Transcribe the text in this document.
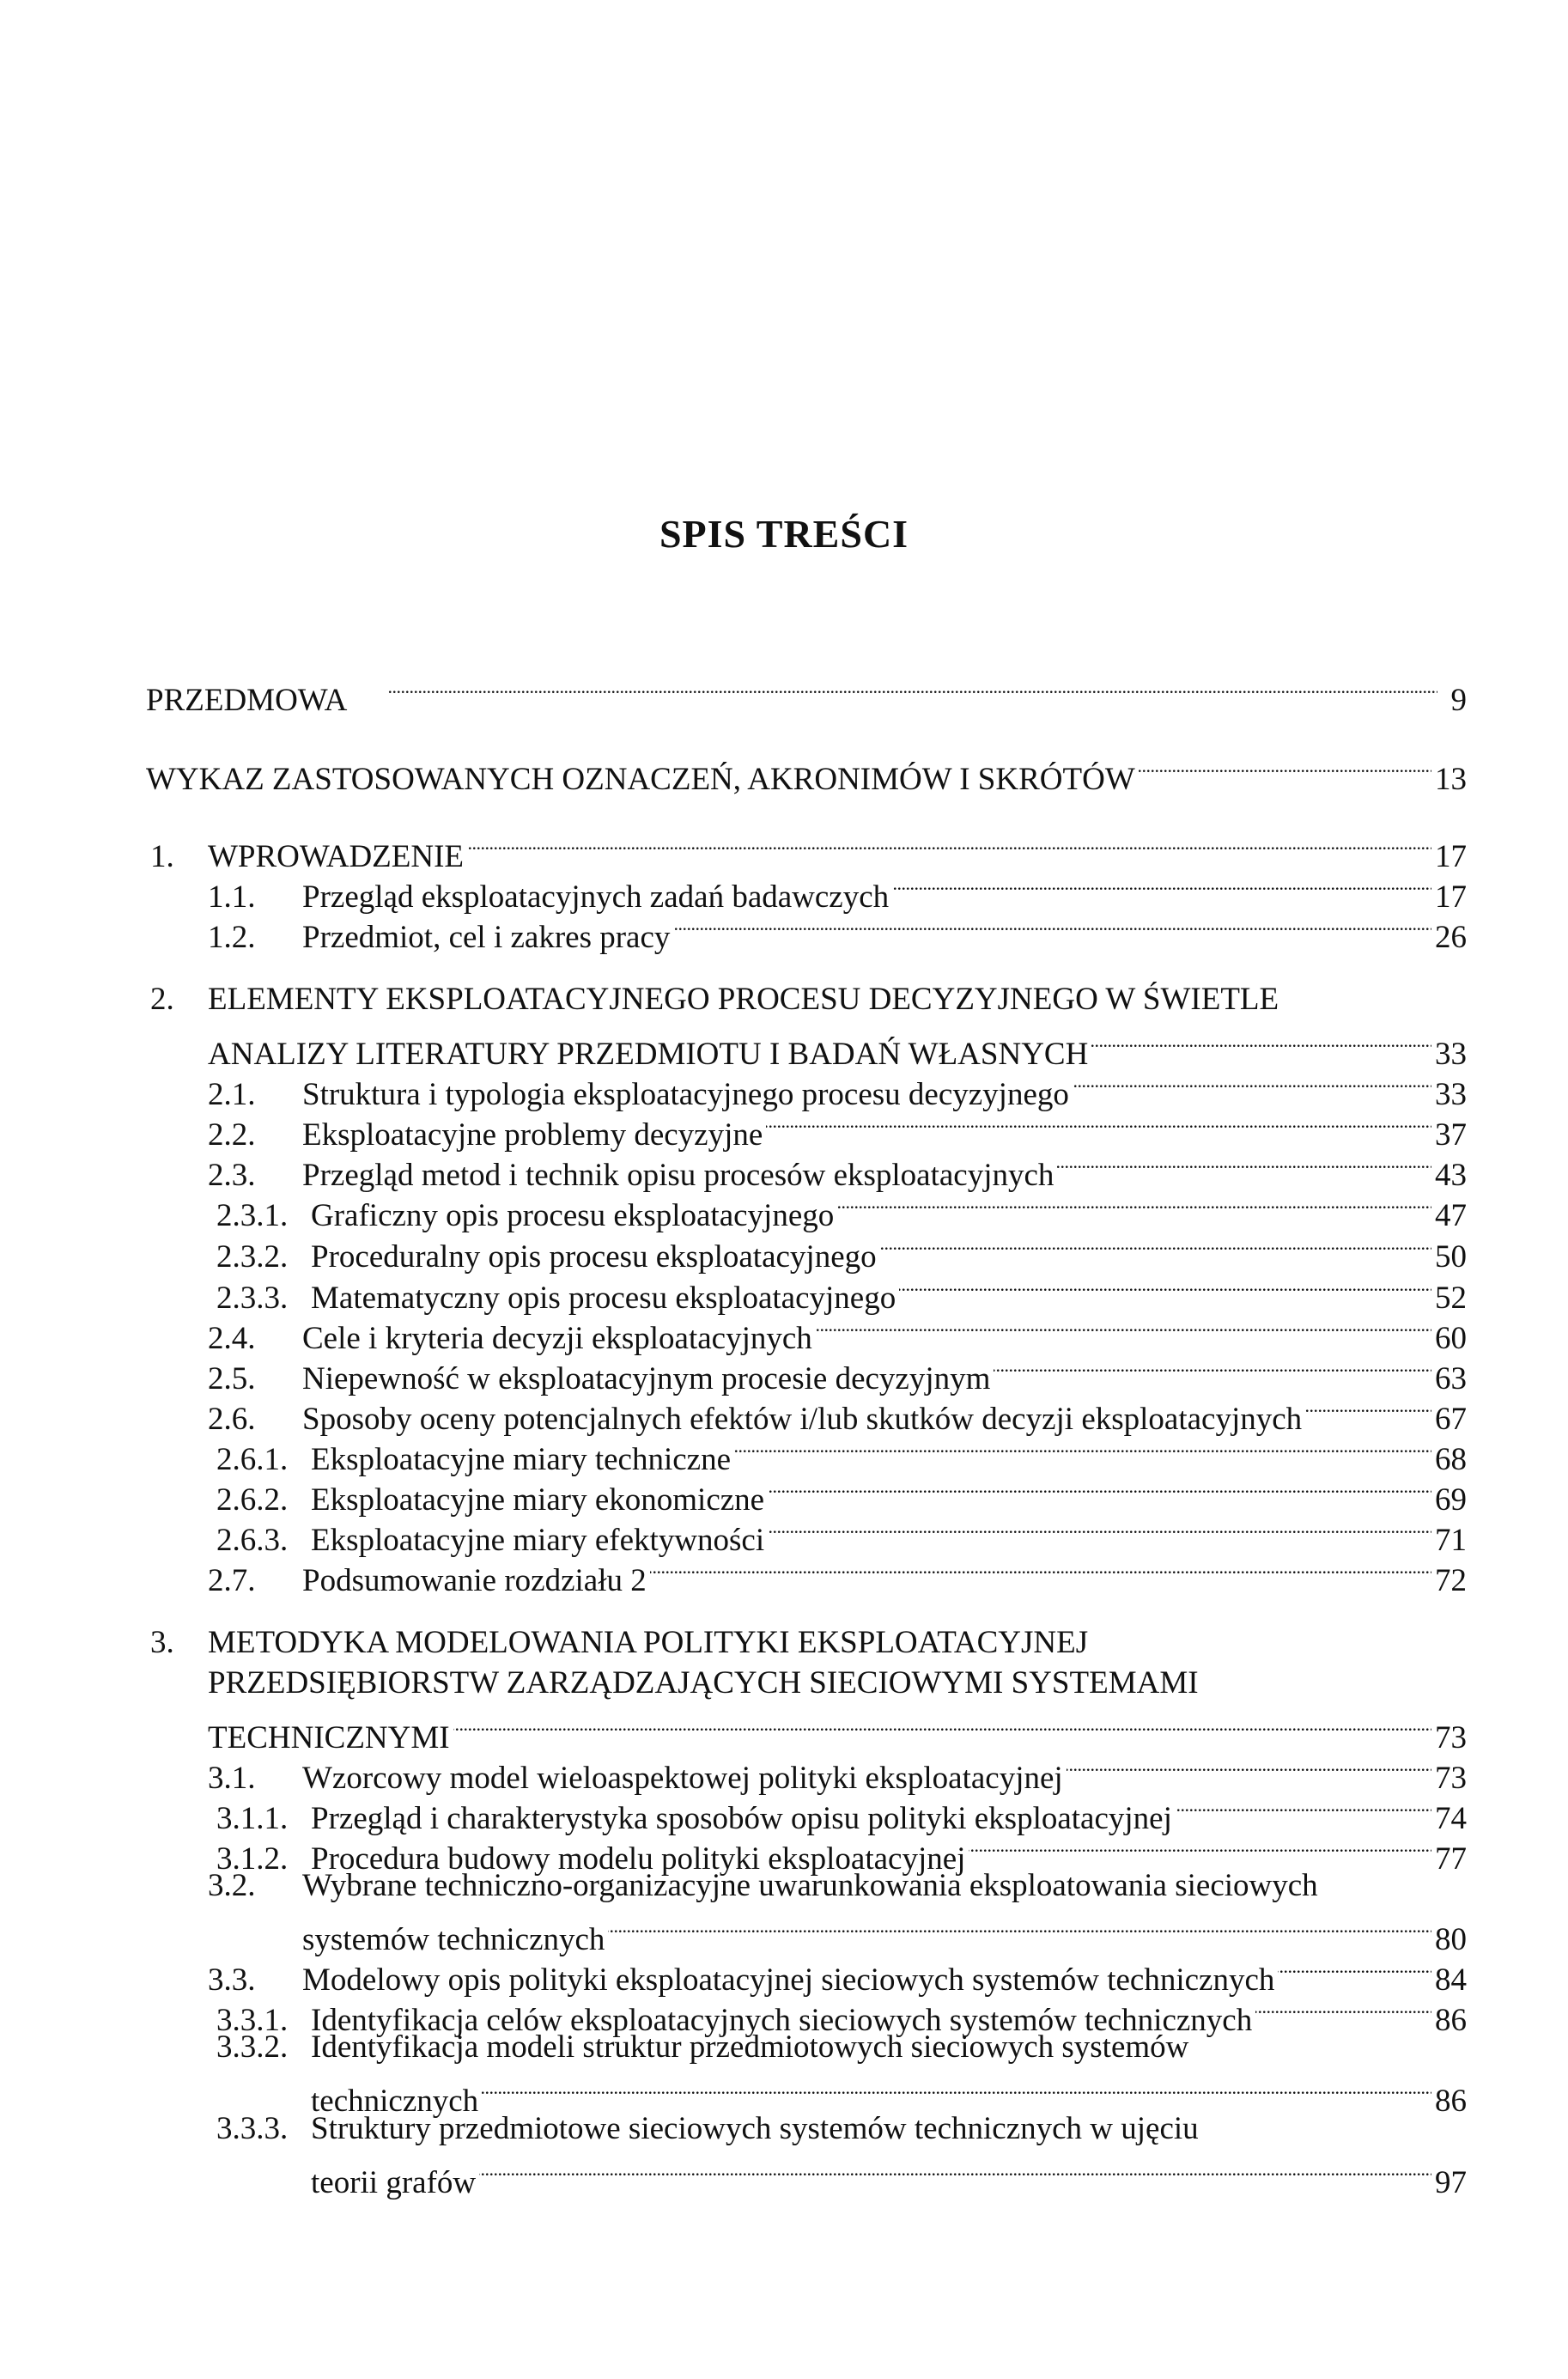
SPIS TREŚCI
PRZEDMOWA . . .	9
WYKAZ ZASTOSOWANYCH OZNACZEŃ, AKRONIMÓW I SKRÓTÓW . . .	13
1.	WPROWADZENIE . . .	17
1.1.	Przegląd eksploatacyjnych zadań badawczych . . .	17
1.2.	Przedmiot, cel i zakres pracy . . .	26
2.	ELEMENTY EKSPLOATACYJNEGO PROCESU DECYZYJNEGO W ŚWIETLE
ANALIZY LITERATURY PRZEDMIOTU I BADAŃ WŁASNYCH . . .	33
2.1.	Struktura i typologia eksploatacyjnego procesu decyzyjnego . . .	33
2.2.	Eksploatacyjne problemy decyzyjne . . .	37
2.3.	Przegląd metod i technik opisu procesów eksploatacyjnych . . .	43
2.3.1. Graficzny opis procesu eksploatacyjnego . . .	47
2.3.2. Proceduralny opis procesu eksploatacyjnego . . .	50
2.3.3. Matematyczny opis procesu eksploatacyjnego . . .	52
2.4.	Cele i kryteria decyzji eksploatacyjnych . . .	60
2.5.	Niepewność w eksploatacyjnym procesie decyzyjnym . . .	63
2.6.	Sposoby oceny potencjalnych efektów i/lub skutków decyzji eksploatacyjnych . . .	67
2.6.1. Eksploatacyjne miary techniczne . . .	68
2.6.2. Eksploatacyjne miary ekonomiczne . . .	69
2.6.3. Eksploatacyjne miary efektywności . . .	71
2.7.	Podsumowanie rozdziału 2 . . .	72
3.	METODYKA MODELOWANIA POLITYKI EKSPLOATACYJNEJ
PRZEDSIĘBIORSTW ZARZĄDZAJĄCYCH SIECIOWYMI SYSTEMAMI
TECHNICZNYMI . . .	73
3.1.	Wzorcowy model wieloaspektowej polityki eksploatacyjnej . . .	73
3.1.1. Przegląd i charakterystyka sposobów opisu polityki eksploatacyjnej . . .	74
3.1.2. Procedura budowy modelu polityki eksploatacyjnej . . .	77
3.2.	Wybrane techniczno-organizacyjne uwarunkowania eksploatowania sieciowych
systemów technicznych . . .	80
3.3.	Modelowy opis polityki eksploatacyjnej sieciowych systemów technicznych . . .	84
3.3.1. Identyfikacja celów eksploatacyjnych sieciowych systemów technicznych . . .	86
3.3.2. Identyfikacja modeli struktur przedmiotowych sieciowych systemów
technicznych . . .	86
3.3.3. Struktury przedmiotowe sieciowych systemów technicznych w ujęciu
teorii grafów . . .	97
